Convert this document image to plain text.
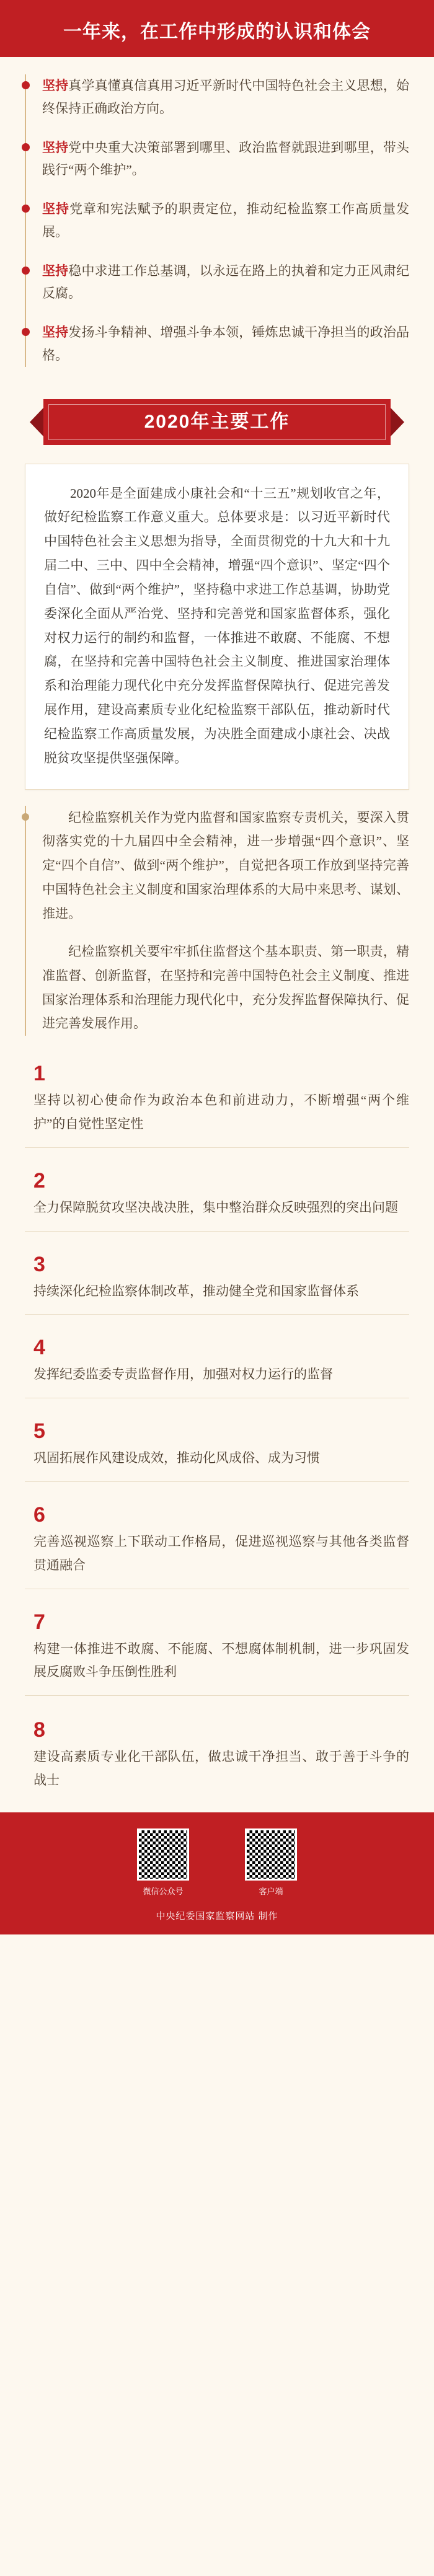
一年来，在工作中形成的认识和体会
坚持真学真懂真信真用习近平新时代中国特色社会主义思想，始终保持正确政治方向。
坚持党中央重大决策部署到哪里、政治监督就跟进到哪里，带头践行“两个维护”。
坚持党章和宪法赋予的职责定位，推动纪检监察工作高质量发展。
坚持稳中求进工作总基调，以永远在路上的执着和定力正风肃纪反腐。
坚持发扬斗争精神、增强斗争本领，锤炼忠诚干净担当的政治品格。
2020年主要工作

2020年是全面建成小康社会和“十三五”规划收官之年，做好纪检监察工作意义重大。总体要求是：以习近平新时代中国特色社会主义思想为指导，全面贯彻党的十九大和十九届二中、三中、四中全会精神，增强“四个意识”、坚定“四个自信”、做到“两个维护”，坚持稳中求进工作总基调，协助党委深化全面从严治党、坚持和完善党和国家监督体系，强化对权力运行的制约和监督，一体推进不敢腐、不能腐、不想腐，在坚持和完善中国特色社会主义制度、推进国家治理体系和治理能力现代化中充分发挥监督保障执行、促进完善发展作用，建设高素质专业化纪检监察干部队伍，推动新时代纪检监察工作高质量发展，为决胜全面建成小康社会、决战脱贫攻坚提供坚强保障。

纪检监察机关作为党内监督和国家监察专责机关，要深入贯彻落实党的十九届四中全会精神，进一步增强“四个意识”、坚定“四个自信”、做到“两个维护”，自觉把各项工作放到坚持完善中国特色社会主义制度和国家治理体系的大局中来思考、谋划、推进。

纪检监察机关要牢牢抓住监督这个基本职责、第一职责，精准监督、创新监督，在坚持和完善中国特色社会主义制度、推进国家治理体系和治理能力现代化中，充分发挥监督保障执行、促进完善发展作用。

1
坚持以初心使命作为政治本色和前进动力，不断增强“两个维护”的自觉性坚定性
2
全力保障脱贫攻坚决战决胜，集中整治群众反映强烈的突出问题
3
持续深化纪检监察体制改革，推动健全党和国家监督体系
4
发挥纪委监委专责监督作用，加强对权力运行的监督
5
巩固拓展作风建设成效，推动化风成俗、成为习惯
6
完善巡视巡察上下联动工作格局，促进巡视巡察与其他各类监督贯通融合
7
构建一体推进不敢腐、不能腐、不想腐体制机制，进一步巩固发展反腐败斗争压倒性胜利
8
建设高素质专业化干部队伍，做忠诚干净担当、敢于善于斗争的战士
微信公众号	客户端
中央纪委国家监察网站 制作
